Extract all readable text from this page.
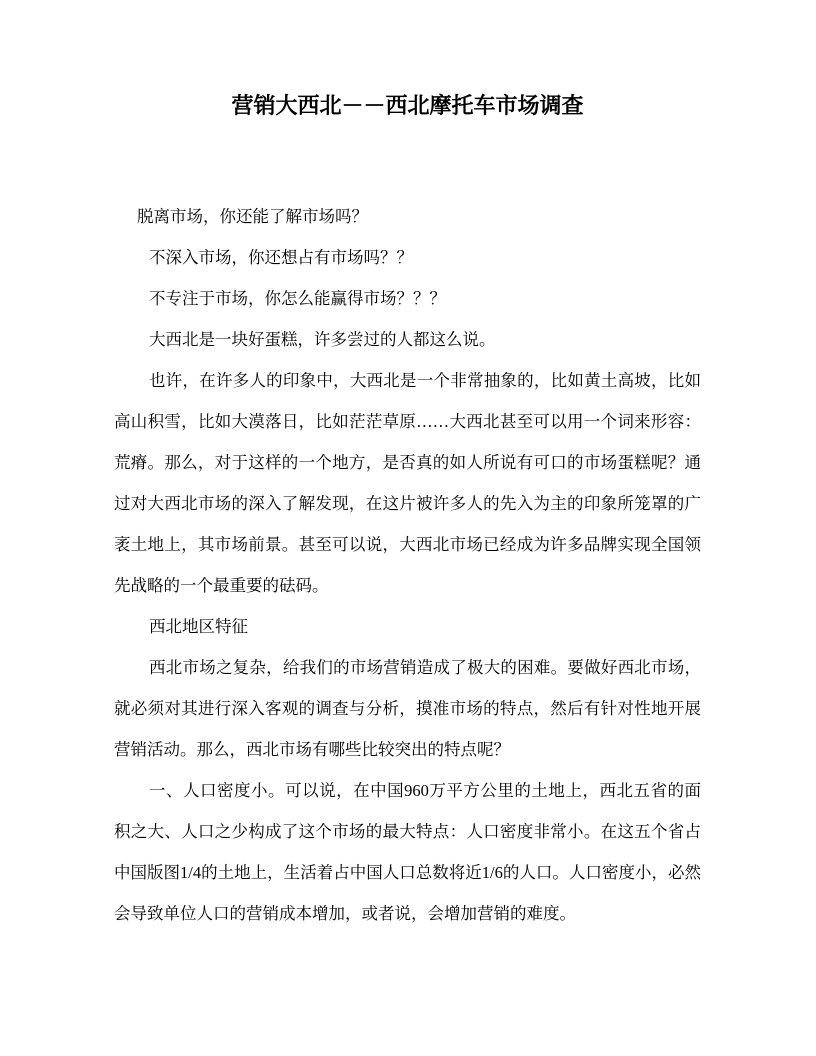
营销大西北－－西北摩托车市场调查

脱离市场，你还能了解市场吗？

不深入市场，你还想占有市场吗？？

不专注于市场，你怎么能赢得市场？？？

大西北是一块好蛋糕，许多尝过的人都这么说。

也许，在许多人的印象中，大西北是一个非常抽象的，比如黄土高坡，比如高山积雪，比如大漠落日，比如茫茫草原……大西北甚至可以用一个词来形容：荒瘠。那么，对于这样的一个地方，是否真的如人所说有可口的市场蛋糕呢？通过对大西北市场的深入了解发现，在这片被许多人的先入为主的印象所笼罩的广袤土地上，其市场前景。甚至可以说，大西北市场已经成为许多品牌实现全国领先战略的一个最重要的砝码。

西北地区特征

西北市场之复杂，给我们的市场营销造成了极大的困难。要做好西北市场，就必须对其进行深入客观的调查与分析，摸准市场的特点，然后有针对性地开展营销活动。那么，西北市场有哪些比较突出的特点呢？

一、人口密度小。可以说，在中国960万平方公里的土地上，西北五省的面积之大、人口之少构成了这个市场的最大特点：人口密度非常小。在这五个省占中国版图1/4的土地上，生活着占中国人口总数将近1/6的人口。人口密度小，必然会导致单位人口的营销成本增加，或者说，会增加营销的难度。
